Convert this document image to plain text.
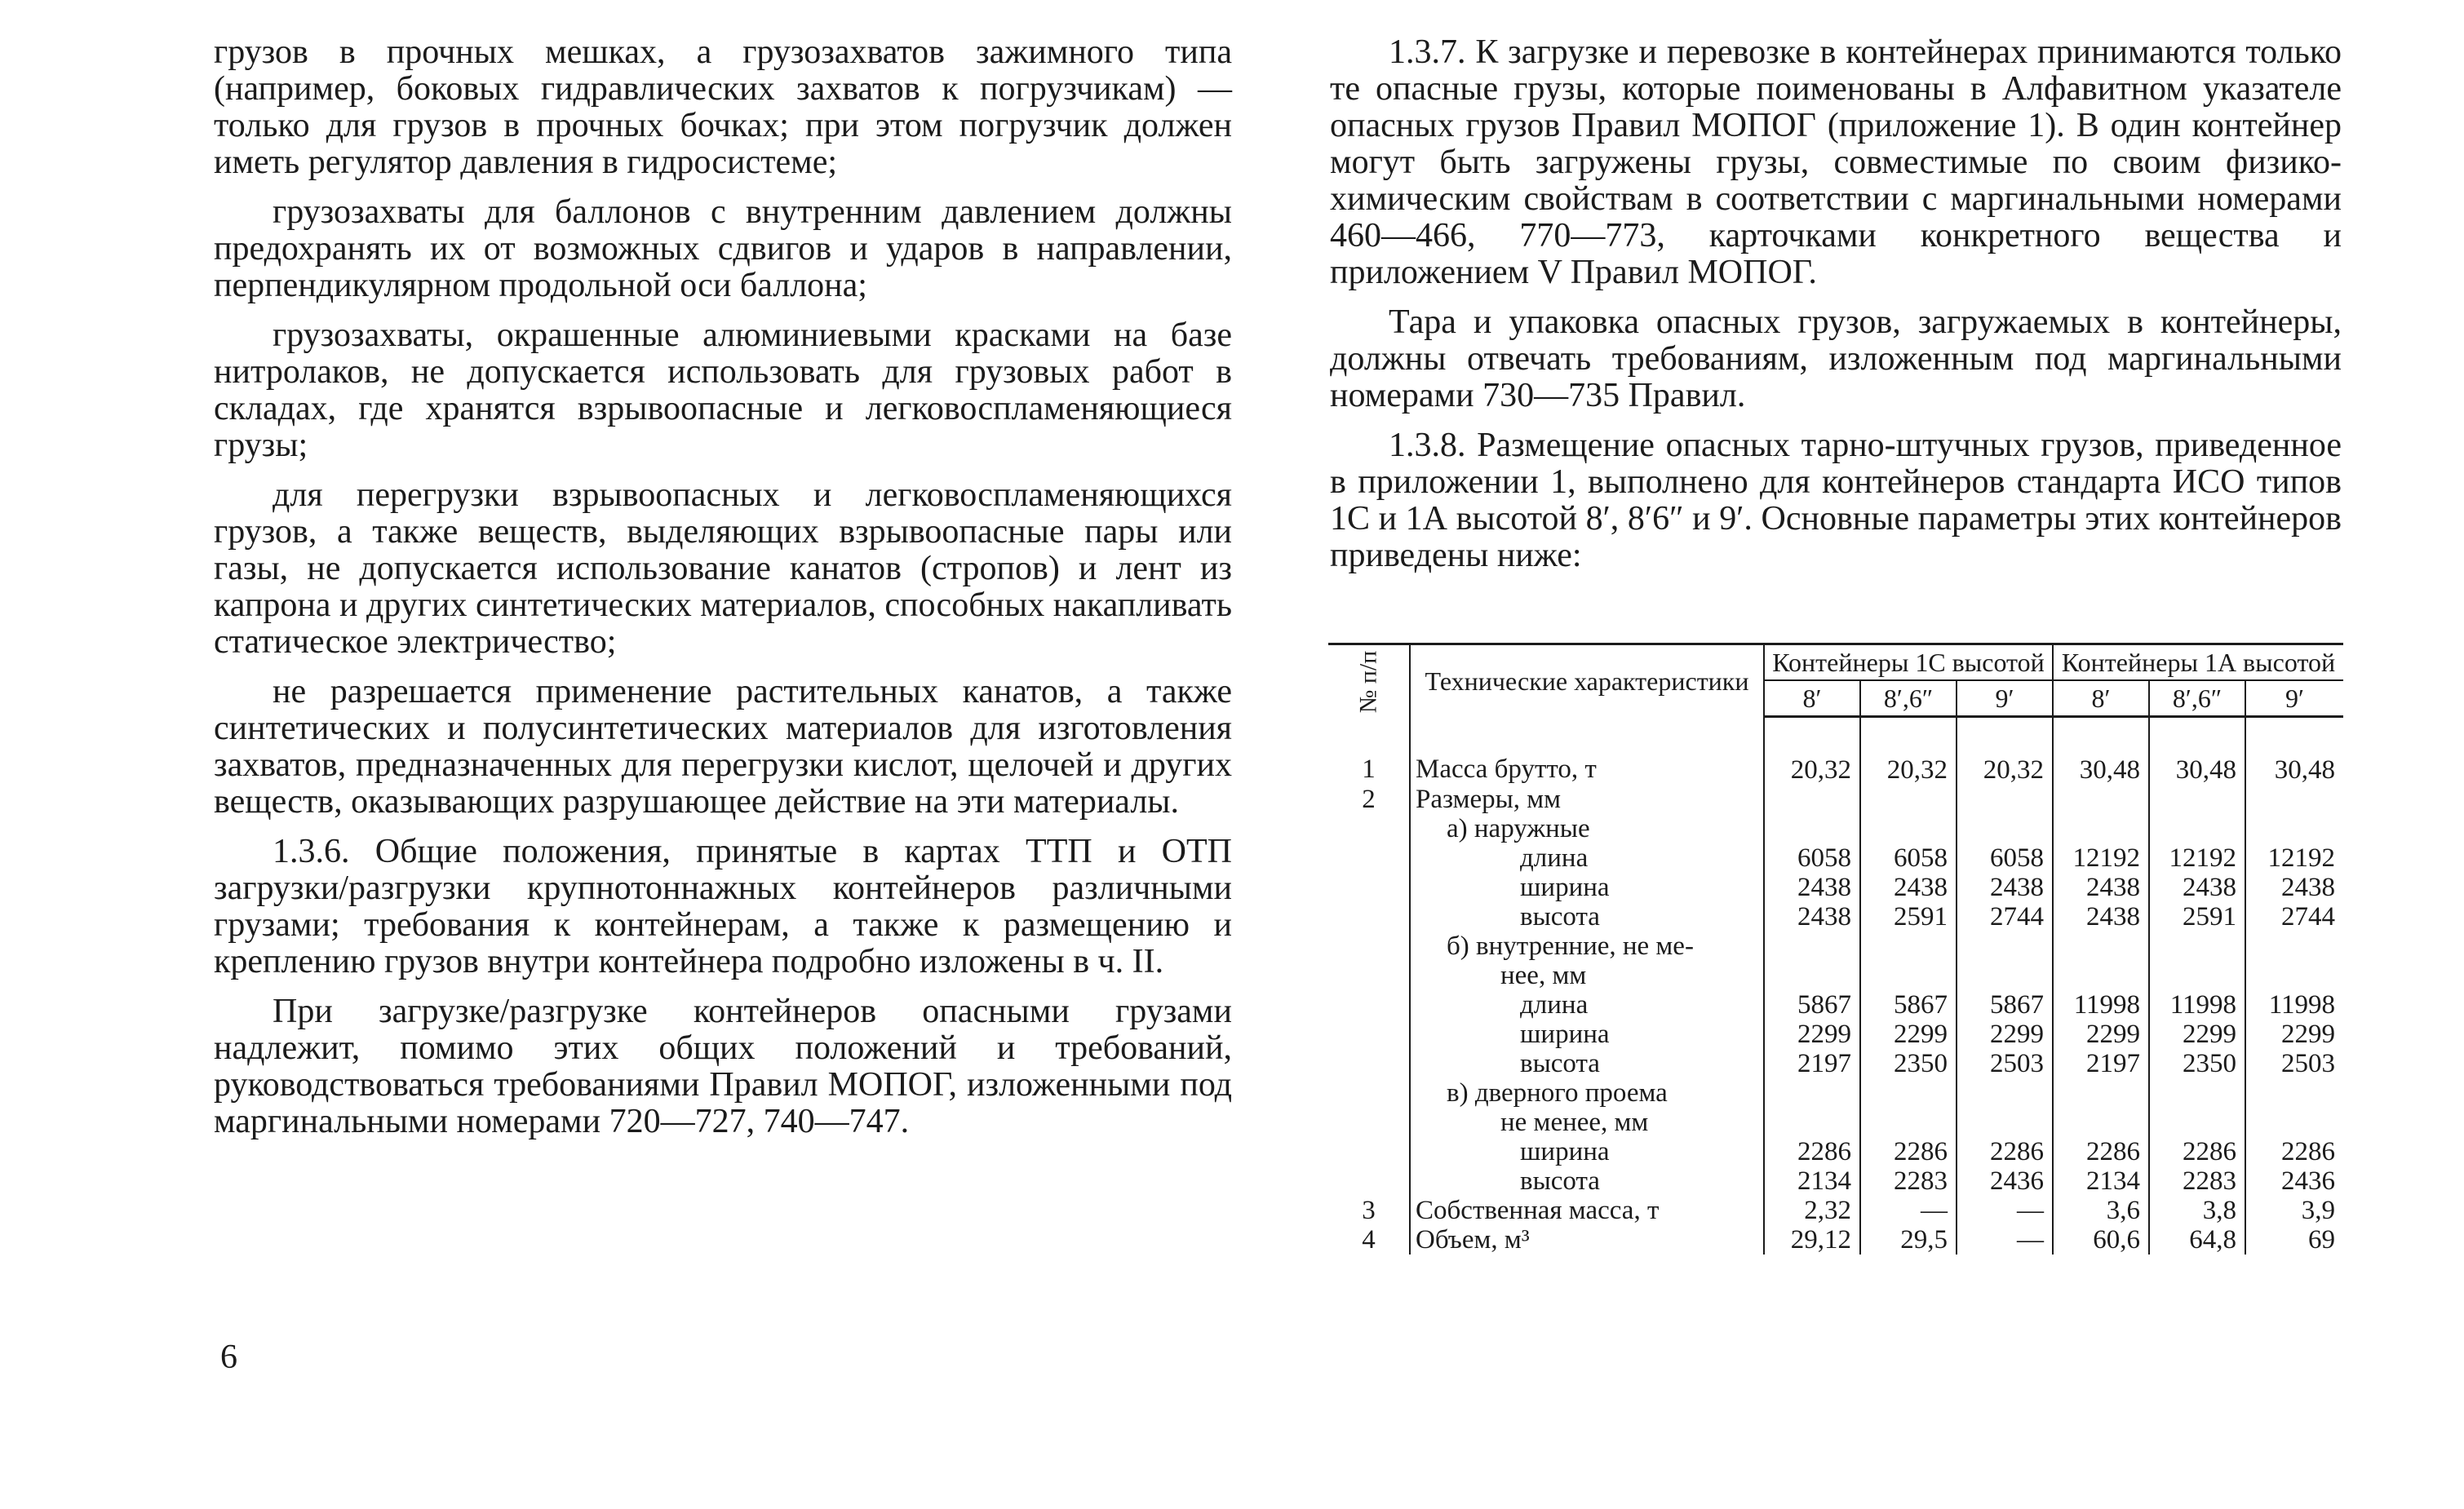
грузов в прочных мешках, а грузозахватов зажимного типа (например, боковых гидравлических захватов к погрузчикам) — только для грузов в прочных бочках; при этом погрузчик должен иметь регулятор давления в гидросистеме;

грузозахваты для баллонов с внутренним давлением должны предохранять их от возможных сдвигов и ударов в направлении, перпендикулярном продольной оси баллона;

грузозахваты, окрашенные алюминиевыми красками на базе нитролаков, не допускается использовать для грузовых работ в складах, где хранятся взрывоопасные и легковоспламеняющиеся грузы;

для перегрузки взрывоопасных и легковоспламеняющихся грузов, а также веществ, выделяющих взрывоопасные пары или газы, не допускается использование канатов (стропов) и лент из капрона и других синтетических материалов, способных накапливать статическое электричество;

не разрешается применение растительных канатов, а также синтетических и полусинтетических материалов для изготовления захватов, предназначенных для перегрузки кислот, щелочей и других веществ, оказывающих разрушающее действие на эти материалы.

1.3.6. Общие положения, принятые в картах ТТП и ОТП загрузки/разгрузки крупнотоннажных контейнеров различными грузами; требования к контейнерам, а также к размещению и креплению грузов внутри контейнера подробно изложены в ч. II.

При загрузке/разгрузке контейнеров опасными грузами надлежит, помимо этих общих положений и требований, руководствоваться требованиями Правил МОПОГ, изложенными под маргинальными номерами 720—727, 740—747.

1.3.7. К загрузке и перевозке в контейнерах принимаются только те опасные грузы, которые поименованы в Алфавитном указателе опасных грузов Правил МОПОГ (приложение 1). В один контейнер могут быть загружены грузы, совместимые по своим физико-химическим свойствам в соответствии с маргинальными номерами 460—466, 770—773, карточками конкретного вещества и приложением V Правил МОПОГ.

Тара и упаковка опасных грузов, загружаемых в контейнеры, должны отвечать требованиям, изложенным под маргинальными номерами 730—735 Правил.

1.3.8. Размещение опасных тарно-штучных грузов, приведенное в приложении 1, выполнено для контейнеров стандарта ИСО типов 1С и 1А высотой 8′, 8′6″ и 9′. Основные параметры этих контейнеров приведены ниже:

№ п/п	Технические характеристики	Контейнеры 1С высотой			Контейнеры 1А высотой		
		8′	8′,6″	9′	8′	8′,6″	9′
1	Масса брутто, т	20,32	20,32	20,32	30,48	30,48	30,48
2	Размеры, мм						
	а) наружные						
	длина	6058	6058	6058	12192	12192	12192
	ширина	2438	2438	2438	2438	2438	2438
	высота	2438	2591	2744	2438	2591	2744
	б) внутренние, не ме-						
	нее, мм						
	длина	5867	5867	5867	11998	11998	11998
	ширина	2299	2299	2299	2299	2299	2299
	высота	2197	2350	2503	2197	2350	2503
	в) дверного проема						
	не менее, мм						
	ширина	2286	2286	2286	2286	2286	2286
	высота	2134	2283	2436	2134	2283	2436
3	Собственная масса, т	2,32	—	—	3,6	3,8	3,9
4	Объем, м³	29,12	29,5	—	60,6	64,8	69
6
